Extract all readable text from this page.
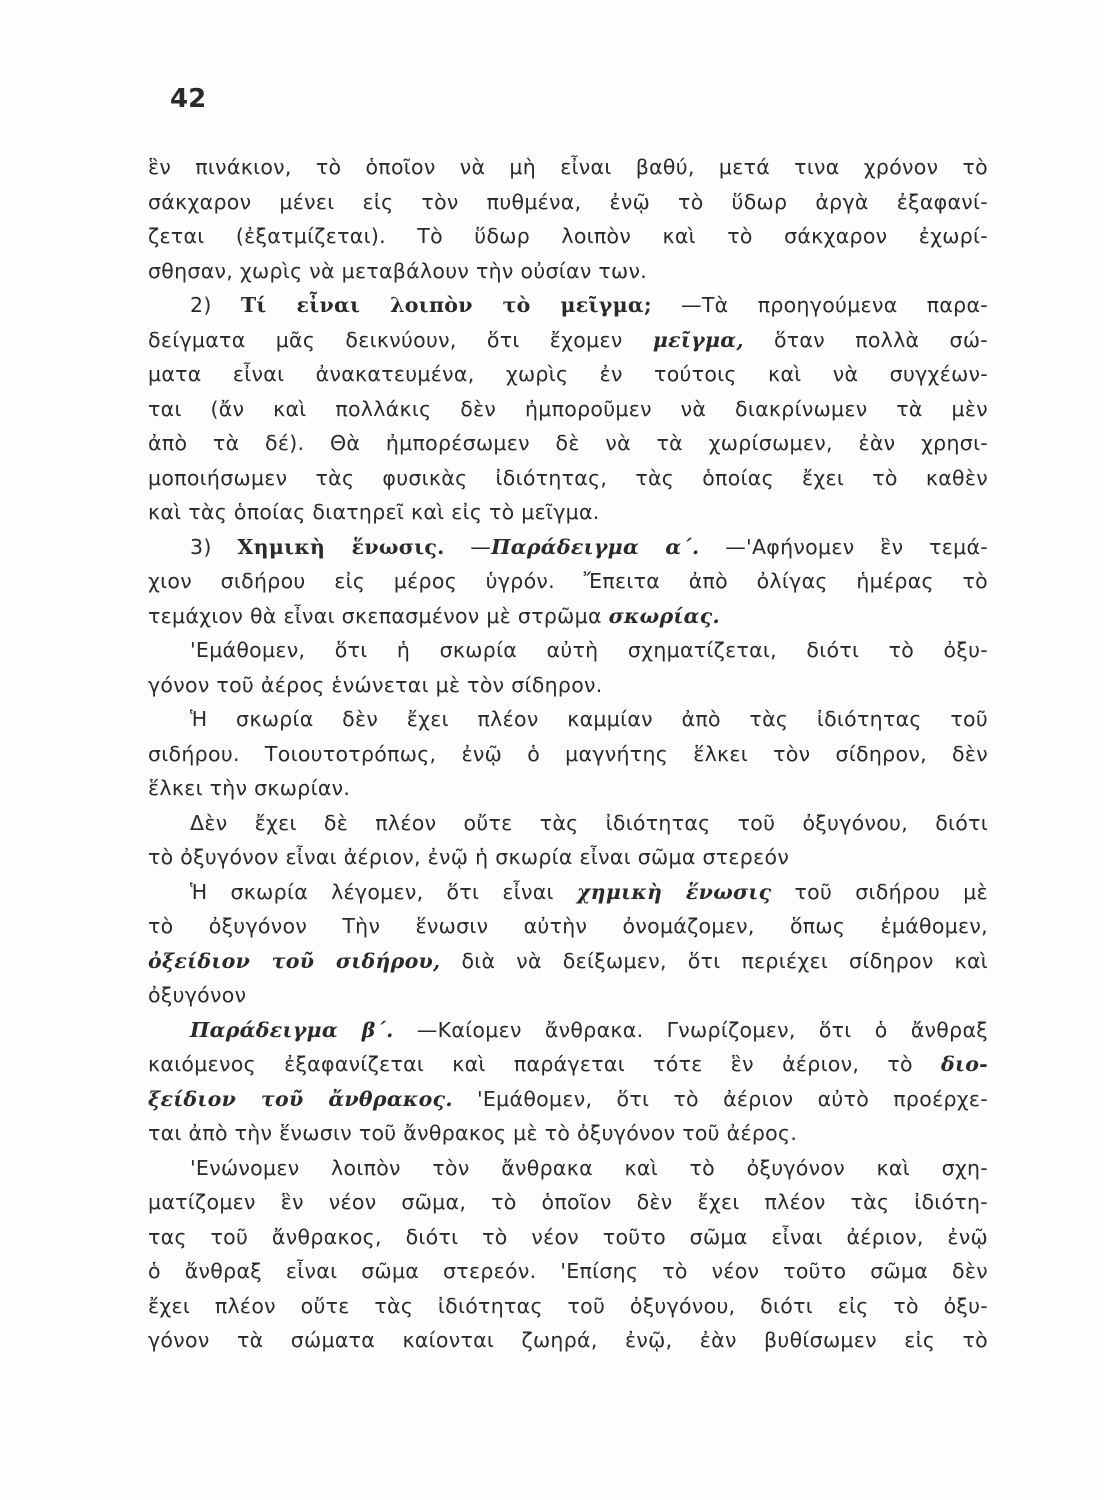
42
ἓν πινάκιον, τὸ ὁποῖον νὰ μὴ εἶναι βαθύ, μετά τινα χρόνον τὸ
σάκχαρον μένει εἰς τὸν πυθμένα, ἐνῷ τὸ ὕδωρ ἀργὰ ἐξαφανί-
ζεται (ἐξατμίζεται). Τὸ ὕδωρ λοιπὸν καὶ τὸ σάκχαρον ἐχωρί-
σθησαν, χωρὶς νὰ μεταβάλουν τὴν οὐσίαν των.
2) Τί εἶναι λοιπὸν τὸ μεῖγμα; —Τὰ προηγούμενα παρα-
δείγματα μᾶς δεικνύουν, ὅτι ἔχομεν μεῖγμα, ὅταν πολλὰ σώ-
ματα εἶναι ἀνακατευμένα, χωρὶς ἐν τούτοις καὶ νὰ συγχέων-
ται (ἄν καὶ πολλάκις δὲν ἠμποροῦμεν νὰ διακρίνωμεν τὰ μὲν
ἀπὸ τὰ δέ). Θὰ ἠμπορέσωμεν δὲ νὰ τὰ χωρίσωμεν, ἐὰν χρησι-
μοποιήσωμεν τὰς φυσικὰς ἰδιότητας, τὰς ὁποίας ἔχει τὸ καθὲν
καὶ τὰς ὁποίας διατηρεῖ καὶ εἰς τὸ μεῖγμα.
3) Χημικὴ ἕνωσις. —Παράδειγμα α΄. —'Αφήνομεν ἓν τεμά-
χιον σιδήρου εἰς μέρος ὑγρόν. Ἔπειτα ἀπὸ ὀλίγας ἡμέρας τὸ
τεμάχιον θὰ εἶναι σκεπασμένον μὲ στρῶμα σκωρίας.
'Εμάθομεν, ὅτι ἡ σκωρία αὐτὴ σχηματίζεται, διότι τὸ ὀξυ-
γόνον τοῦ ἀέρος ἑνώνεται μὲ τὸν σίδηρον.
Ἡ σκωρία δὲν ἔχει πλέον καμμίαν ἀπὸ τὰς ἰδιότητας τοῦ
σιδήρου. Τοιουτοτρόπως, ἐνῷ ὁ μαγνήτης ἕλκει τὸν σίδηρον, δὲν
ἕλκει τὴν σκωρίαν.
Δὲν ἔχει δὲ πλέον οὔτε τὰς ἰδιότητας τοῦ ὀξυγόνου, διότι
τὸ ὀξυγόνον εἶναι ἀέριον, ἐνῷ ἡ σκωρία εἶναι σῶμα στερεόν
Ἡ σκωρία λέγομεν, ὅτι εἶναι χημικὴ ἕνωσις τοῦ σιδήρου μὲ
τὸ ὀξυγόνον Τὴν ἕνωσιν αὐτὴν ὀνομάζομεν, ὅπως ἐμάθομεν,
ὀξείδιον τοῦ σιδήρου, διὰ νὰ δείξωμεν, ὅτι περιέχει σίδηρον καὶ
ὀξυγόνον
Παράδειγμα β΄. —Καίομεν ἄνθρακα. Γνωρίζομεν, ὅτι ὁ ἄνθραξ
καιόμενος ἐξαφανίζεται καὶ παράγεται τότε ἓν ἀέριον, τὸ διο-
ξείδιον τοῦ ἄνθρακος. 'Εμάθομεν, ὅτι τὸ ἀέριον αὐτὸ προέρχε-
ται ἀπὸ τὴν ἕνωσιν τοῦ ἄνθρακος μὲ τὸ ὀξυγόνον τοῦ ἀέρος.
'Ενώνομεν λοιπὸν τὸν ἄνθρακα καὶ τὸ ὀξυγόνον καὶ σχη-
ματίζομεν ἓν νέον σῶμα, τὸ ὁποῖον δὲν ἔχει πλέον τὰς ἰδιότη-
τας τοῦ ἄνθρακος, διότι τὸ νέον τοῦτο σῶμα εἶναι ἀέριον, ἐνῷ
ὁ ἄνθραξ εἶναι σῶμα στερεόν. 'Επίσης τὸ νέον τοῦτο σῶμα δὲν
ἔχει πλέον οὔτε τὰς ἰδιότητας τοῦ ὀξυγόνου, διότι εἰς τὸ ὀξυ-
γόνον τὰ σώματα καίονται ζωηρά, ἐνῷ, ἐὰν βυθίσωμεν εἰς τὸ
